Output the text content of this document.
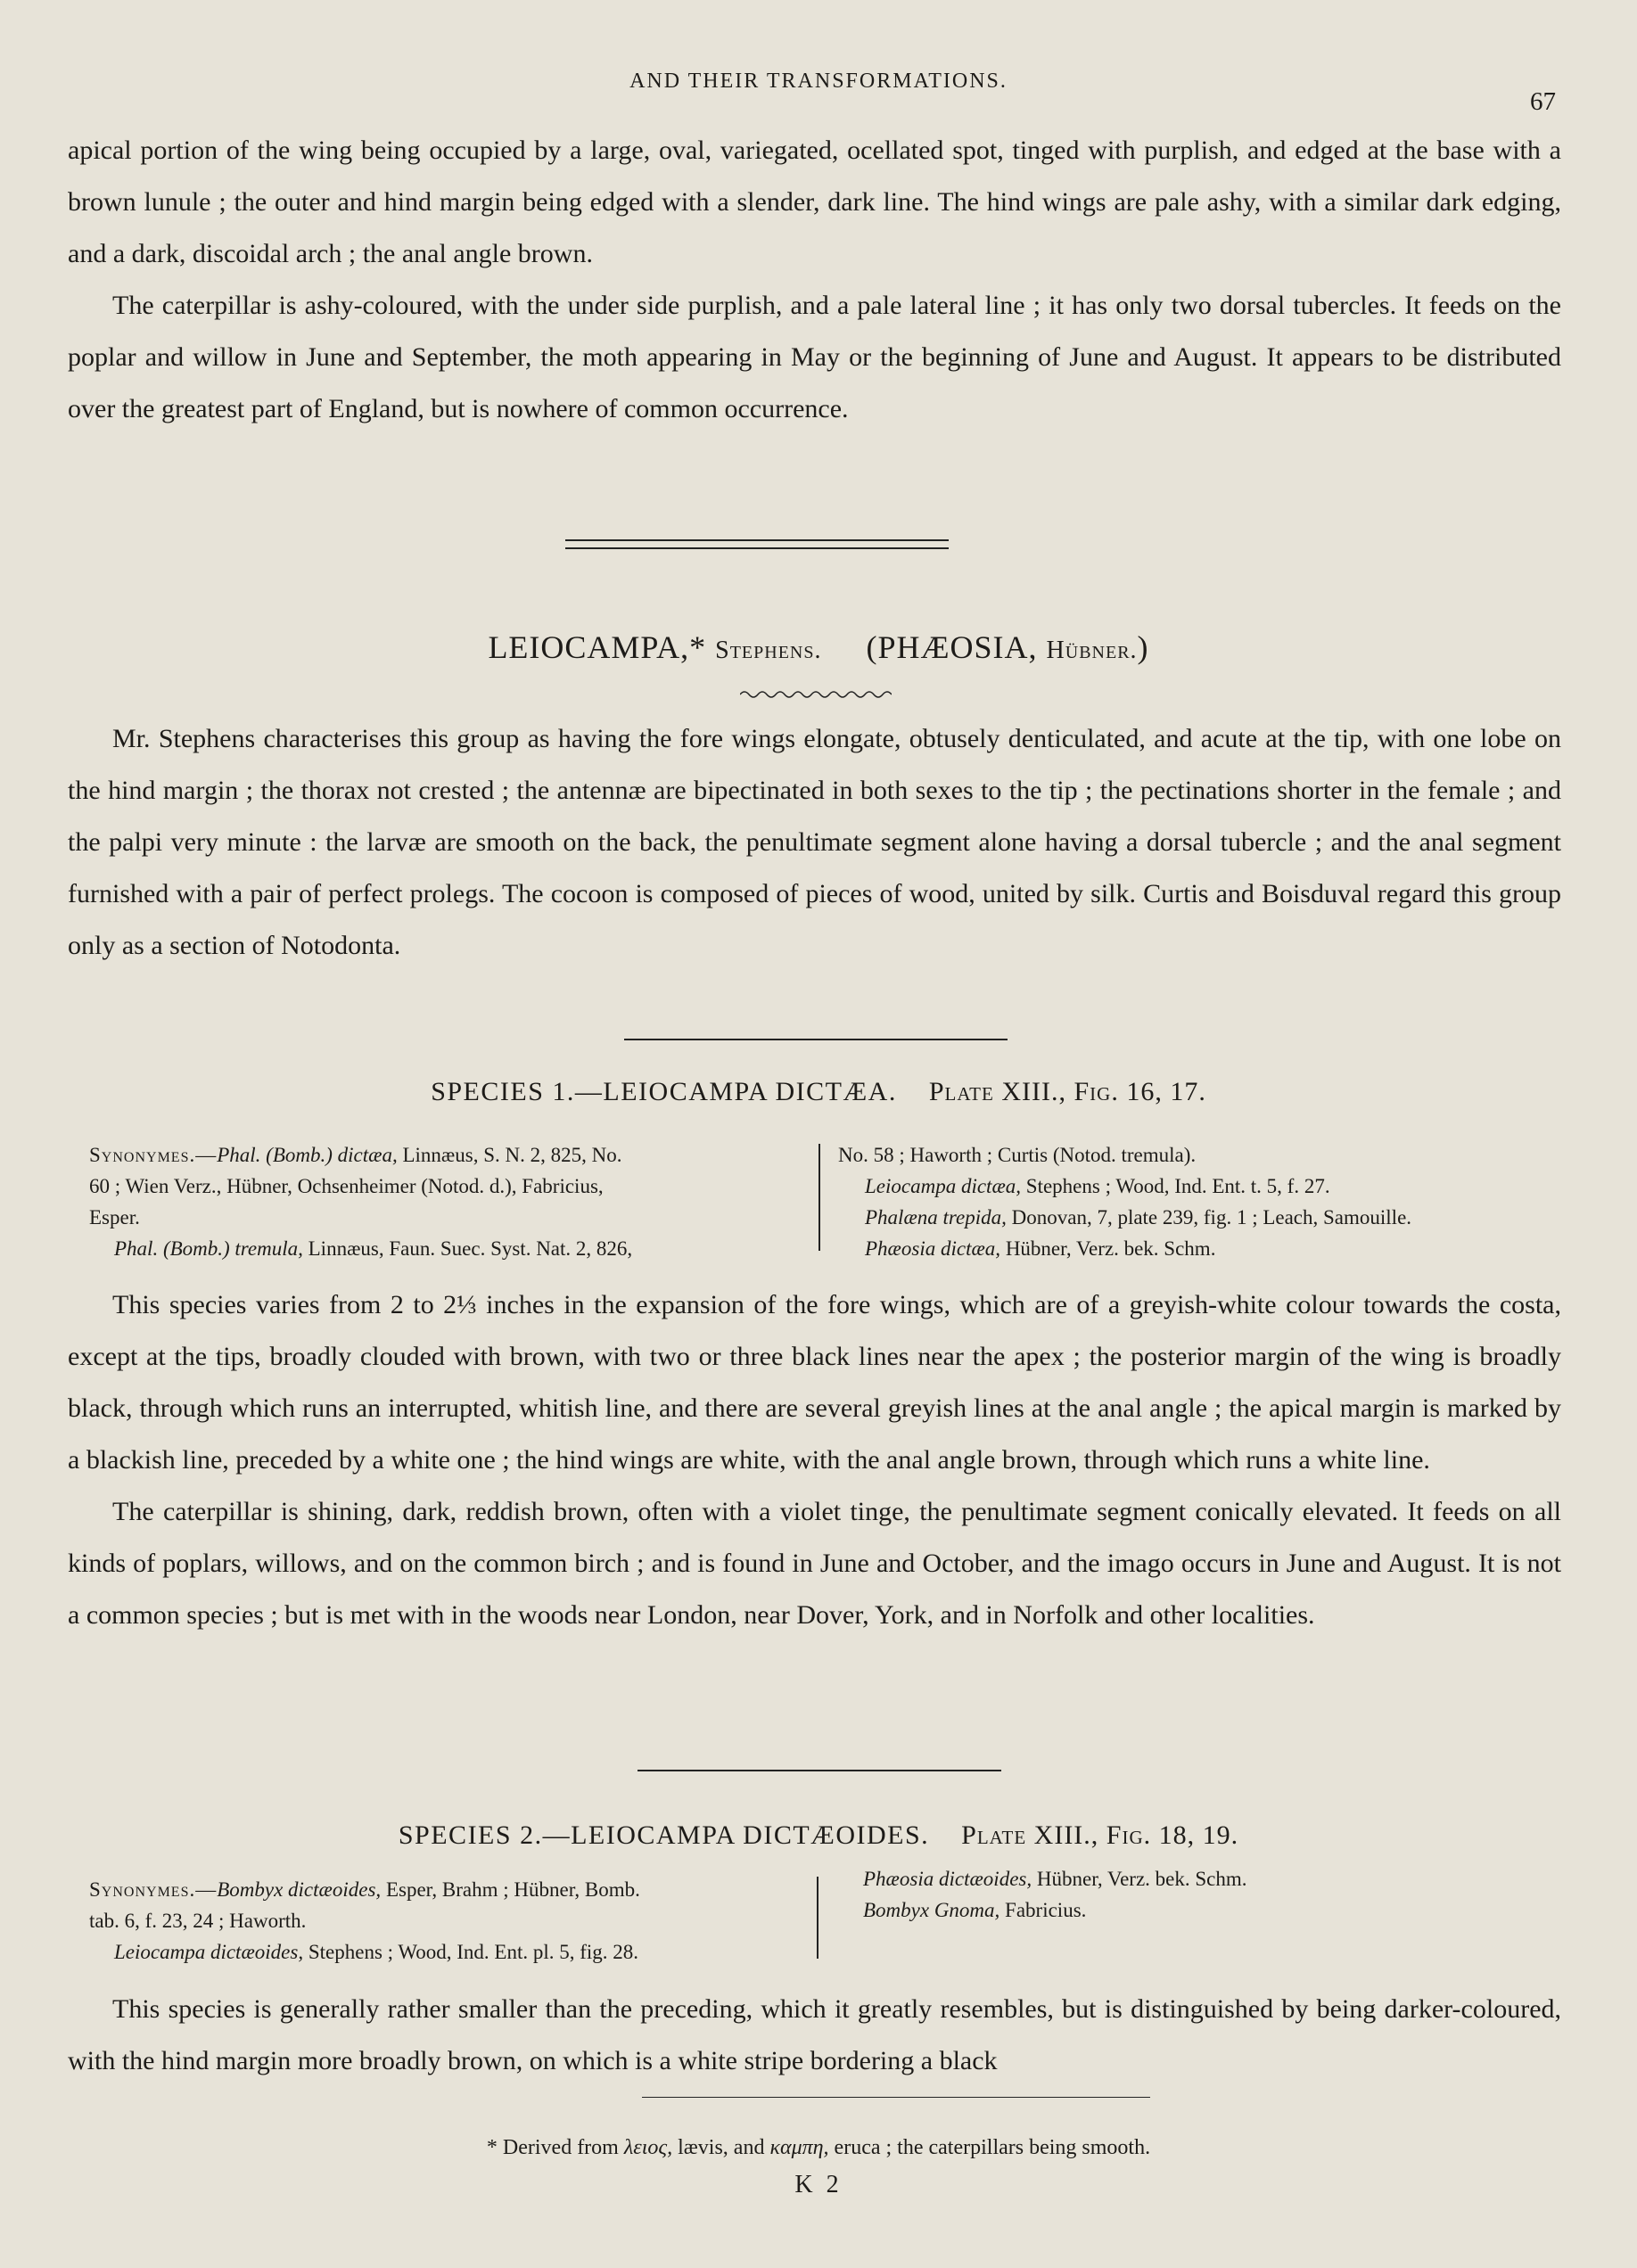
AND THEIR TRANSFORMATIONS.
67

apical portion of the wing being occupied by a large, oval, variegated, ocellated spot, tinged with purplish, and edged at the base with a brown lunule ; the outer and hind margin being edged with a slender, dark line. The hind wings are pale ashy, with a similar dark edging, and a dark, discoidal arch ; the anal angle brown.

The caterpillar is ashy-coloured, with the under side purplish, and a pale lateral line ; it has only two dorsal tubercles. It feeds on the poplar and willow in June and September, the moth appearing in May or the beginning of June and August. It appears to be distributed over the greatest part of England, but is nowhere of common occurrence.

LEIOCAMPA,* Stephens. (PHÆOSIA, Hübner.)

Mr. Stephens characterises this group as having the fore wings elongate, obtusely denticulated, and acute at the tip, with one lobe on the hind margin ; the thorax not crested ; the antennæ are bipectinated in both sexes to the tip ; the pectinations shorter in the female ; and the palpi very minute : the larvæ are smooth on the back, the penultimate segment alone having a dorsal tubercle ; and the anal segment furnished with a pair of perfect prolegs. The cocoon is composed of pieces of wood, united by silk. Curtis and Boisduval regard this group only as a section of Notodonta.

SPECIES 1.—LEIOCAMPA DICTÆA. Plate XIII., Fig. 16, 17.
Synonymes.—Phal. (Bomb.) dictæa, Linnæus, S. N. 2, 825, No.
60 ; Wien Verz., Hübner, Ochsenheimer (Notod. d.), Fabricius,
Esper.
Phal. (Bomb.) tremula, Linnæus, Faun. Suec. Syst. Nat. 2, 826,
No. 58 ; Haworth ; Curtis (Notod. tremula).
Leiocampa dictæa, Stephens ; Wood, Ind. Ent. t. 5, f. 27.
Phalæna trepida, Donovan, 7, plate 239, fig. 1 ; Leach, Samouille.
Phæosia dictæa, Hübner, Verz. bek. Schm.

This species varies from 2 to 2⅓ inches in the expansion of the fore wings, which are of a greyish-white colour towards the costa, except at the tips, broadly clouded with brown, with two or three black lines near the apex ; the posterior margin of the wing is broadly black, through which runs an interrupted, whitish line, and there are several greyish lines at the anal angle ; the apical margin is marked by a blackish line, preceded by a white one ; the hind wings are white, with the anal angle brown, through which runs a white line.

The caterpillar is shining, dark, reddish brown, often with a violet tinge, the penultimate segment conically elevated. It feeds on all kinds of poplars, willows, and on the common birch ; and is found in June and October, and the imago occurs in June and August. It is not a common species ; but is met with in the woods near London, near Dover, York, and in Norfolk and other localities.

SPECIES 2.—LEIOCAMPA DICTÆOIDES. Plate XIII., Fig. 18, 19.
Synonymes.—Bombyx dictæoides, Esper, Brahm ; Hübner, Bomb.
tab. 6, f. 23, 24 ; Haworth.
Leiocampa dictæoides, Stephens ; Wood, Ind. Ent. pl. 5, fig. 28.
Phæosia dictæoides, Hübner, Verz. bek. Schm.
Bombyx Gnoma, Fabricius.

This species is generally rather smaller than the preceding, which it greatly resembles, but is distinguished by being darker-coloured, with the hind margin more broadly brown, on which is a white stripe bordering a black

* Derived from λειος, lævis, and καμπη, eruca ; the caterpillars being smooth.
K 2
